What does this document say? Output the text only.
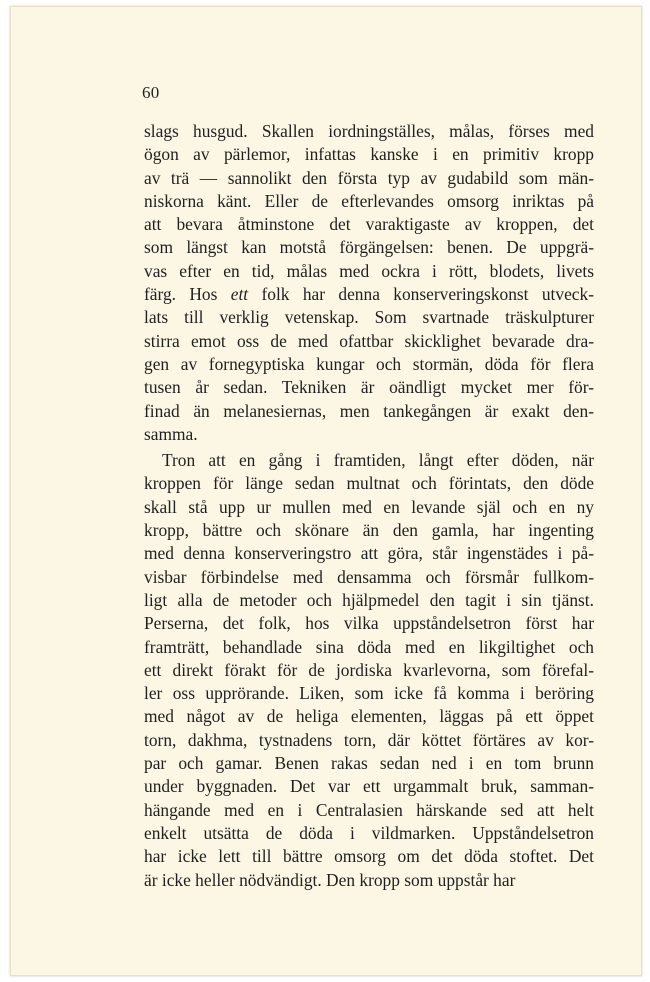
60
slags husgud. Skallen iordningställes, målas, förses med
ögon av pärlemor, infattas kanske i en primitiv kropp
av trä — sannolikt den första typ av gudabild som män-
niskorna känt. Eller de efterlevandes omsorg inriktas på
att bevara åtminstone det varaktigaste av kroppen, det
som längst kan motstå förgängelsen: benen. De uppgrä-
vas efter en tid, målas med ockra i rött, blodets, livets
färg. Hos ett folk har denna konserveringskonst utveck-
lats till verklig vetenskap. Som svartnade träskulpturer
stirra emot oss de med ofattbar skicklighet bevarade dra-
gen av fornegyptiska kungar och stormän, döda för flera
tusen år sedan. Tekniken är oändligt mycket mer för-
finad än melanesiernas, men tankegången är exakt den-
samma.
Tron att en gång i framtiden, långt efter döden, när
kroppen för länge sedan multnat och förintats, den döde
skall stå upp ur mullen med en levande själ och en ny
kropp, bättre och skönare än den gamla, har ingenting
med denna konserveringstro att göra, står ingenstädes i på-
visbar förbindelse med densamma och försmår fullkom-
ligt alla de metoder och hjälpmedel den tagit i sin tjänst.
Perserna, det folk, hos vilka uppståndelsetron först har
framträtt, behandlade sina döda med en likgiltighet och
ett direkt förakt för de jordiska kvarlevorna, som förefal-
ler oss upprörande. Liken, som icke få komma i beröring
med något av de heliga elementen, läggas på ett öppet
torn, dakhma, tystnadens torn, där köttet förtäres av kor-
par och gamar. Benen rakas sedan ned i en tom brunn
under byggnaden. Det var ett urgammalt bruk, samman-
hängande med en i Centralasien härskande sed att helt
enkelt utsätta de döda i vildmarken. Uppståndelsetron
har icke lett till bättre omsorg om det döda stoftet. Det
är icke heller nödvändigt. Den kropp som uppstår har
